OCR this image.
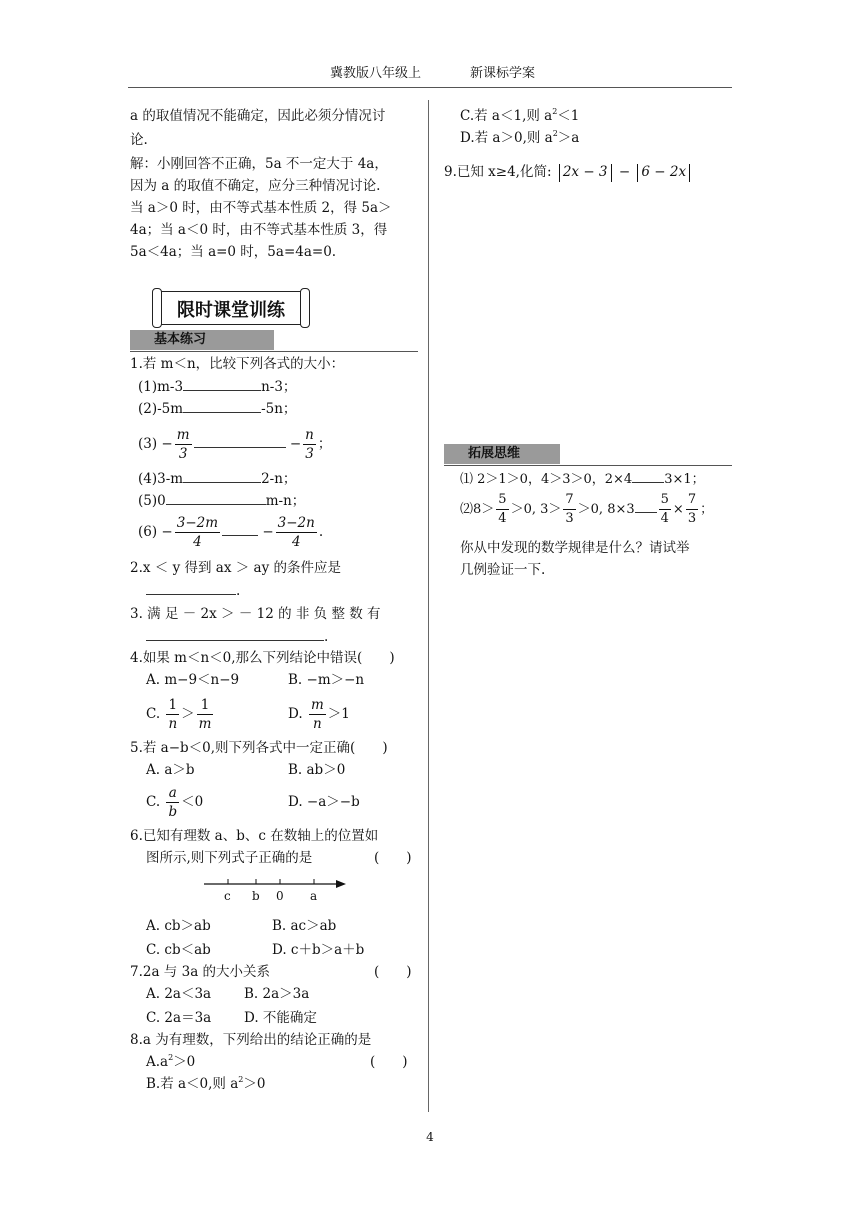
冀教版八年级上	新课标学案
a 的取值情况不能确定，因此必须分情况讨
论.
解：小刚回答不正确，5a 不一定大于 4a，
因为 a 的取值不确定，应分三种情况讨论.
当 a＞0 时，由不等式基本性质 2，得 5a＞
4a；当 a＜0 时，由不等式基本性质 3，得
5a＜4a；当 a=0 时，5a=4a=0.
限时课堂训练
基本练习
1.若 m＜n，比较下列各式的大小：
(1)m-3	n-3；
(2)-5m	-5n；
$(3) - \frac{m}{3}$	− $\frac{n}{3}$ ；
(4)3-m	2-n；
(5)0	m-n；
$(6) - \frac{3-2m}{4}$	− $\frac{3-2n}{4}$ .
2.x ＜ y 得到 ax ＞ ay 的条件应是
.
3. 满 足 － 2x ＞ － 12 的 非 负 整 数 有
.
4.如果 m＜n＜0,那么下列结论中错误(　　)
A. m−9＜n−9	B. −m＞−n
C. $\frac{1}{n} > \frac{1}{m}$	D. $\frac{m}{n} >1$
5.若 a−b＜0,则下列各式中一定正确(　　)
A. a＞b	B. ab＞0
C. $\frac{a}{b} <0$	D. −a＞−b
6.已知有理数 a、b、c 在数轴上的位置如
图所示,则下列式子正确的是	(　　)
c b 0 a
A. cb＞ab	B. ac＞ab
C. cb＜ab	D. c＋b＞a＋b
7.2a 与 3a 的大小关系	(　　)
A. 2a＜3a B. 2a＞3a
C. 2a＝3a D. 不能确定
8.a 为有理数，下列给出的结论正确的是
$A.a^2>0$	(　　)
B.若 a＜0,则 $a^2>0$
C.若 a＜1,则 $a^2<1$
D.若 a＞0,则 $a^2>a$
9.已知 x≥4,化简: 2x − 3 − 6 − 2x
拓展思维
⑴ 2＞1＞0，4＞3＞0，2×4 3×1；
⑵8＞ $\frac{5}{4} >0$, $3> \frac{7}{3} >0$, $8\times 3 \frac{5}{4} \times \frac{7}{3}$ ；
你从中发现的数学规律是什么？请试举
几例验证一下.
4
